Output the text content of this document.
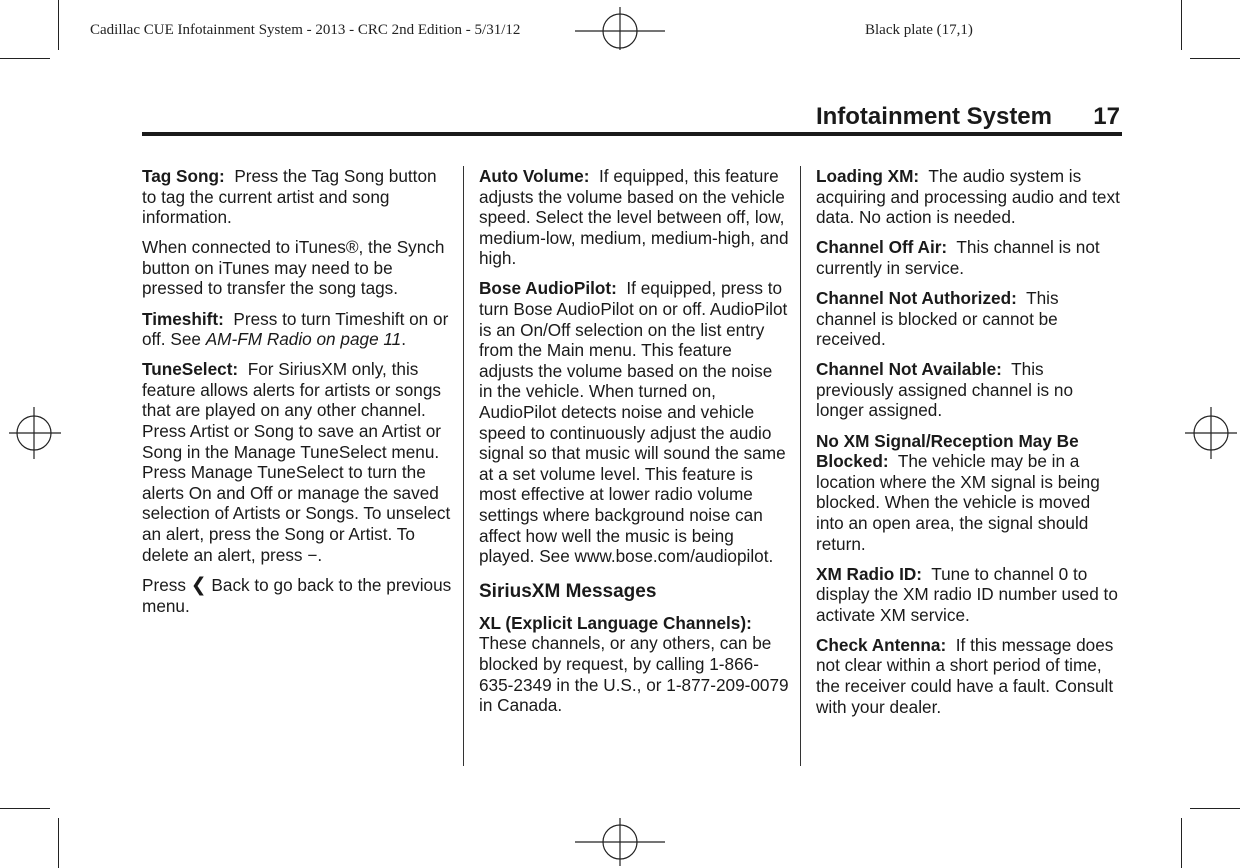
Cadillac CUE Infotainment System - 2013 - CRC 2nd Edition - 5/31/12	Black plate (17,1)
Infotainment System 17

Tag Song: Press the Tag Song button to tag the current artist and song information.

When connected to iTunes®, the Synch button on iTunes may need to be pressed to transfer the song tags.

Timeshift: Press to turn Timeshift on or off. See AM-FM Radio on page 11.

TuneSelect: For SiriusXM only, this feature allows alerts for artists or songs that are played on any other channel. Press Artist or Song to save an Artist or Song in the Manage TuneSelect menu. Press Manage TuneSelect to turn the alerts On and Off or manage the saved selection of Artists or Songs. To unselect an alert, press the Song or Artist. To delete an alert, press −.

Press ❮ Back to go back to the previous menu.

Auto Volume: If equipped, this feature adjusts the volume based on the vehicle speed. Select the level between off, low, medium-low, medium, medium-high, and high.

Bose AudioPilot: If equipped, press to turn Bose AudioPilot on or off. AudioPilot is an On/Off selection on the list entry from the Main menu. This feature adjusts the volume based on the noise in the vehicle. When turned on, AudioPilot detects noise and vehicle speed to continuously adjust the audio signal so that music will sound the same at a set volume level. This feature is most effective at lower radio volume settings where background noise can affect how well the music is being played. See www.bose.com/audiopilot.

SiriusXM Messages

XL (Explicit Language Channels):  These channels, or any others, can be blocked by request, by calling 1-866-635-2349 in the U.S., or 1-877-209-0079 in Canada.

Loading XM: The audio system is acquiring and processing audio and text data. No action is needed.

Channel Off Air: This channel is not currently in service.

Channel Not Authorized: This channel is blocked or cannot be received.

Channel Not Available: This previously assigned channel is no longer assigned.

No XM Signal/Reception May Be Blocked: The vehicle may be in a location where the XM signal is being blocked. When the vehicle is moved into an open area, the signal should return.

XM Radio ID: Tune to channel 0 to display the XM radio ID number used to activate XM service.

Check Antenna: If this message does not clear within a short period of time, the receiver could have a fault. Consult with your dealer.
